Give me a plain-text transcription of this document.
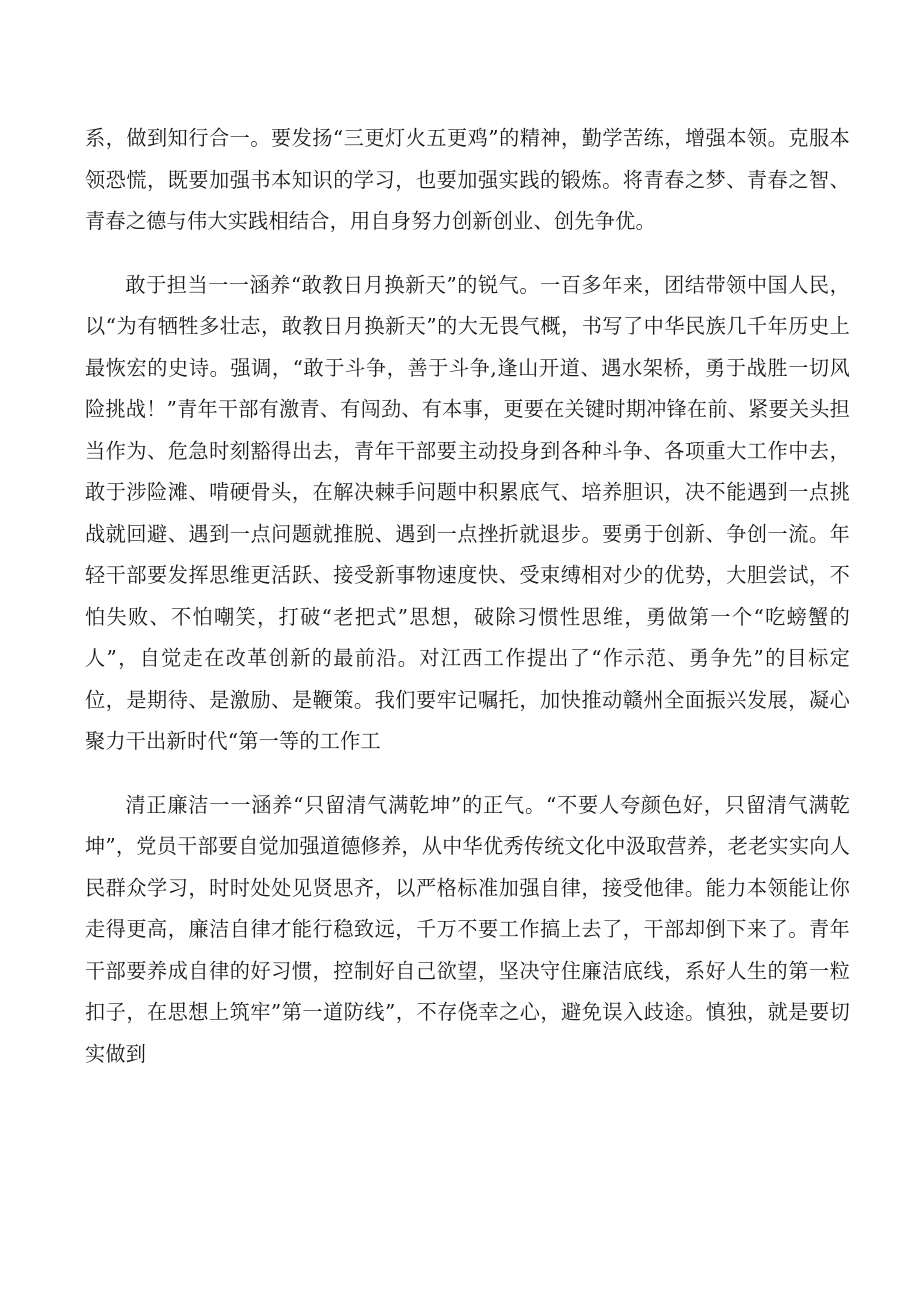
系，做到知行合一。要发扬“三更灯火五更鸡”的精神，勤学苦练，增强本领。克服本领恐慌，既要加强书本知识的学习，也要加强实践的锻炼。将青春之梦、青春之智、青春之德与伟大实践相结合，用自身努力创新创业、创先争优。

敢于担当一一涵养“敢教日月换新天”的锐气。一百多年来，团结带领中国人民，以“为有牺牲多壮志，敢教日月换新天”的大无畏气概，书写了中华民族几千年历史上最恢宏的史诗。强调，“敢于斗争，善于斗争,逢山开道、遇水架桥，勇于战胜一切风险挑战！”青年干部有激青、有闯劲、有本事，更要在关键时期冲锋在前、紧要关头担当作为、危急时刻豁得出去，青年干部要主动投身到各种斗争、各项重大工作中去，敢于涉险滩、啃硬骨头，在解决棘手问题中积累底气、培养胆识，决不能遇到一点挑战就回避、遇到一点问题就推脱、遇到一点挫折就退步。要勇于创新、争创一流。年轻干部要发挥思维更活跃、接受新事物速度快、受束缚相对少的优势，大胆尝试，不怕失败、不怕嘲笑，打破“老把式”思想，破除习惯性思维，勇做第一个“吃螃蟹的人”，自觉走在改革创新的最前沿。对江西工作提出了“作示范、勇争先”的目标定位，是期待、是激励、是鞭策。我们要牢记嘱托，加快推动赣州全面振兴发展，凝心聚力干出新时代“第一等的工作工

清正廉洁一一涵养“只留清气满乾坤”的正气。“不要人夸颜色好，只留清气满乾坤”，党员干部要自觉加强道德修养，从中华优秀传统文化中汲取营养，老老实实向人民群众学习，时时处处见贤思齐，以严格标准加强自律，接受他律。能力本领能让你走得更高，廉洁自律才能行稳致远，千万不要工作搞上去了，干部却倒下来了。青年干部要养成自律的好习惯，控制好自己欲望，坚决守住廉洁底线，系好人生的第一粒扣子，在思想上筑牢”第一道防线”，不存侥幸之心，避免误入歧途。慎独，就是要切实做到
